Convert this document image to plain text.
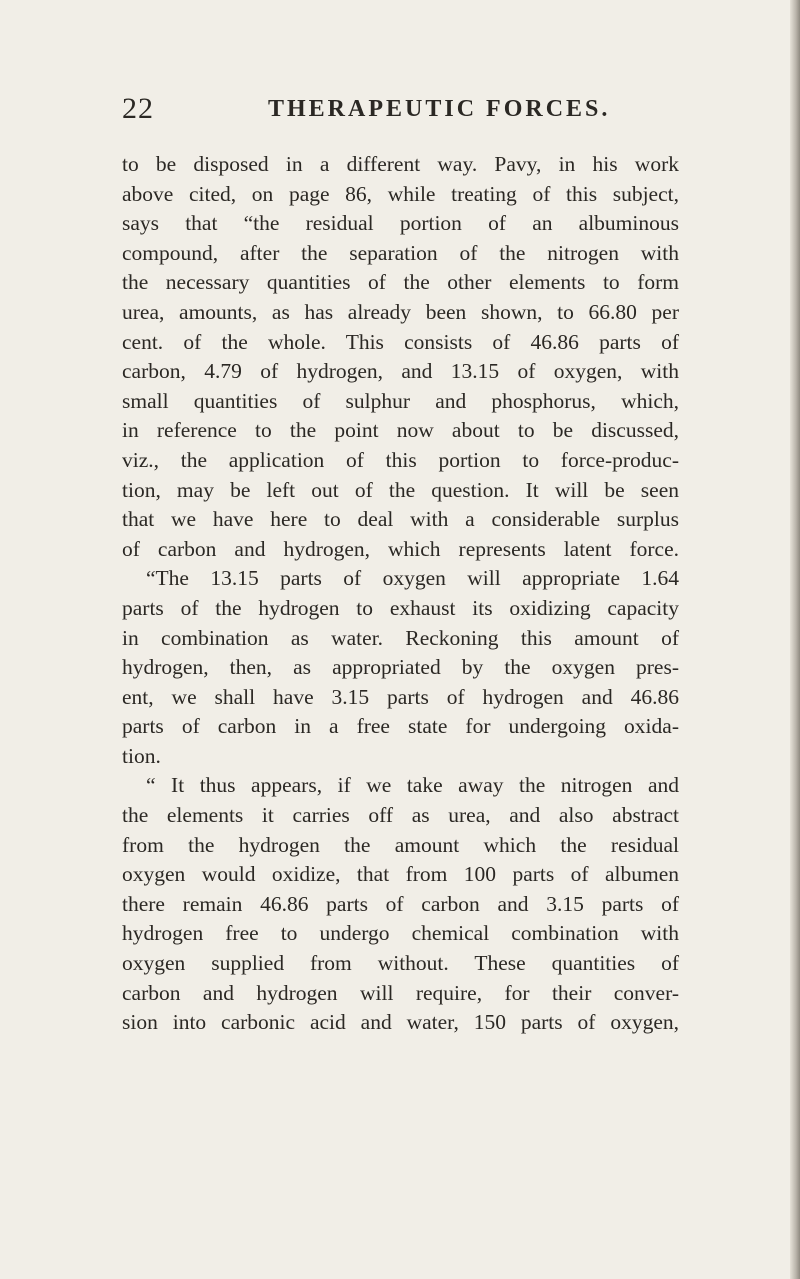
22	THERAPEUTIC FORCES.
to be disposed in a different way. Pavy, in his work
above cited, on page 86, while treating of this subject,
says that “the residual portion of an albuminous
compound, after the separation of the nitrogen with
the necessary quantities of the other elements to form
urea, amounts, as has already been shown, to 66.80 per
cent. of the whole. This consists of 46.86 parts of
carbon, 4.79 of hydrogen, and 13.15 of oxygen, with
small quantities of sulphur and phosphorus, which,
in reference to the point now about to be discussed,
viz., the application of this portion to force-produc-
tion, may be left out of the question. It will be seen
that we have here to deal with a considerable surplus
of carbon and hydrogen, which represents latent force.
“The 13.15 parts of oxygen will appropriate 1.64
parts of the hydrogen to exhaust its oxidizing capacity
in combination as water. Reckoning this amount of
hydrogen, then, as appropriated by the oxygen pres-
ent, we shall have 3.15 parts of hydrogen and 46.86
parts of carbon in a free state for undergoing oxida-
tion.
“ It thus appears, if we take away the nitrogen and
the elements it carries off as urea, and also abstract
from the hydrogen the amount which the residual
oxygen would oxidize, that from 100 parts of albumen
there remain 46.86 parts of carbon and 3.15 parts of
hydrogen free to undergo chemical combination with
oxygen supplied from without. These quantities of
carbon and hydrogen will require, for their conver-
sion into carbonic acid and water, 150 parts of oxygen,
